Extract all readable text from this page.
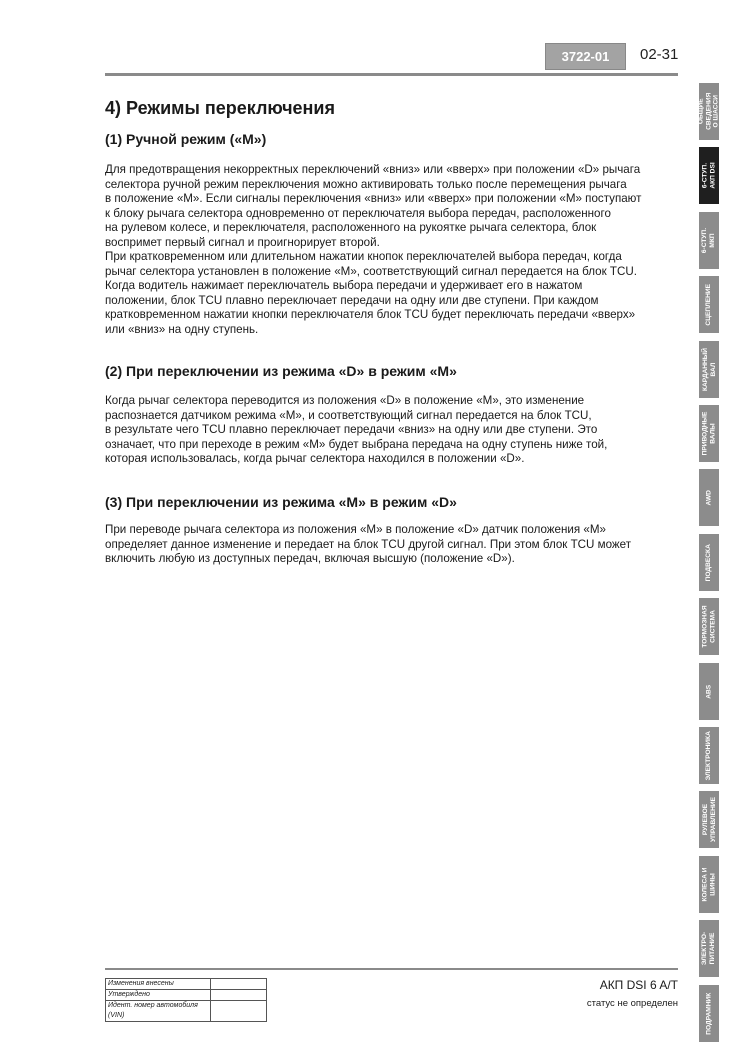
3722-01	02-31
4) Режимы переключения
(1) Ручной режим («M»)
Для предотвращения некорректных переключений «вниз» или «вверх» при положении «D» рычага
селектора ручной режим переключения можно активировать только после перемещения рычага
в положение «M». Если сигналы переключения «вниз» или «вверх» при положении «M» поступают
к блоку рычага селектора одновременно от переключателя выбора передач, расположенного
на рулевом колесе, и переключателя, расположенного на рукоятке рычага селектора, блок
воспримет первый сигнал и проигнорирует второй.
При кратковременном или длительном нажатии кнопок переключателей выбора передач, когда
рычаг селектора установлен в положение «M», соответствующий сигнал передается на блок TCU.
Когда водитель нажимает переключатель выбора передачи и удерживает его в нажатом
положении, блок TCU плавно переключает передачи на одну или две ступени. При каждом
кратковременном нажатии кнопки переключателя блок TCU будет переключать передачи «вверх»
или «вниз» на одну ступень.
(2) При переключении из режима «D» в режим «M»
Когда рычаг селектора переводится из положения «D» в положение «M», это изменение
распознается датчиком режима «M», и соответствующий сигнал передается на блок TCU,
в результате чего TCU плавно переключает передачи «вниз» на одну или две ступени. Это
означает, что при переходе в режим «M» будет выбрана передача на одну ступень ниже той,
которая использовалась, когда рычаг селектора находился в положении «D».
(3) При переключении из режима «M» в режим «D»
При переводе рычага селектора из положения «M» в положение «D» датчик положения «M»
определяет данное изменение и передает на блок TCU другой сигнал. При этом блок TCU может
включить любую из доступных передач, включая высшую (положение «D»).
ОБЩИЕ СВЕДЕНИЯ О ШАССИ
6-СТУП. АКП DSI
6-СТУП. МКП
СЦЕПЛЕНИЕ
КАРДАННЫЙ ВАЛ
ПРИВОДНЫЕ ВАЛЫ
AWD
ПОДВЕСКА
ТОРМОЗНАЯ СИСТЕМА
ABS
ЭЛЕКТРОНИКА
РУЛЕВОЕ УПРАВЛЕНИЕ
КОЛЕСА И ШИНЫ
ЭЛЕКТРО- ПИТАНИЕ
ПОДРАМНИК
Изменения внесены	
Утверждено	
Идент. номер автомобиля (VIN)	
АКП DSI 6 A/T
статус не определен
